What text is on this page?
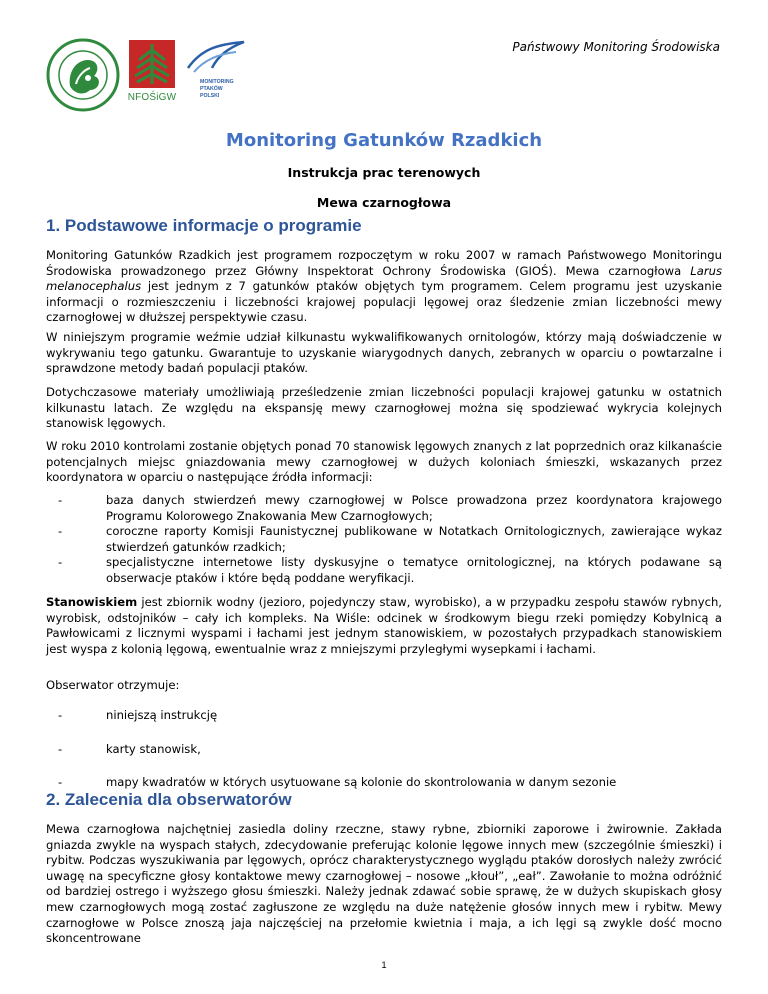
NFOŚiGW
MONITORING
PTAKÓW
POLSKI
Państwowy Monitoring Środowiska
Monitoring Gatunków Rzadkich
Instrukcja prac terenowych
Mewa czarnogłowa
1. Podstawowe informacje o programie

Monitoring Gatunków Rzadkich jest programem rozpoczętym w roku 2007 w ramach Państwowego Monitoringu Środowiska prowadzonego przez Główny Inspektorat Ochrony Środowiska (GIOŚ). Mewa czarnogłowa Larus melanocephalus jest jednym z 7 gatunków ptaków objętych tym programem. Celem programu jest uzyskanie informacji o rozmieszczeniu i liczebności krajowej populacji lęgowej oraz śledzenie zmian liczebności mewy czarnogłowej w dłuższej perspektywie czasu.

W niniejszym programie weźmie udział kilkunastu wykwalifikowanych ornitologów, którzy mają doświadczenie w wykrywaniu tego gatunku. Gwarantuje to uzyskanie wiarygodnych danych, zebranych w oparciu o powtarzalne i sprawdzone metody badań populacji ptaków.

Dotychczasowe materiały umożliwiają prześledzenie zmian liczebności populacji krajowej gatunku w ostatnich kilkunastu latach. Ze względu na ekspansję mewy czarnogłowej można się spodziewać wykrycia kolejnych stanowisk lęgowych.

W roku 2010 kontrolami zostanie objętych ponad 70 stanowisk lęgowych znanych z lat poprzednich oraz kilkanaście potencjalnych miejsc gniazdowania mewy czarnogłowej w dużych koloniach śmieszki, wskazanych przez koordynatora w oparciu o następujące źródła informacji:

-	baza danych stwierdzeń mewy czarnogłowej w Polsce prowadzona przez koordynatora krajowego Programu Kolorowego Znakowania Mew Czarnogłowych;
-	coroczne raporty Komisji Faunistycznej publikowane w Notatkach Ornitologicznych, zawierające wykaz stwierdzeń gatunków rzadkich;
-	specjalistyczne internetowe listy dyskusyjne o tematyce ornitologicznej, na których podawane są obserwacje ptaków i które będą poddane weryfikacji.

Stanowiskiem jest zbiornik wodny (jezioro, pojedynczy staw, wyrobisko), a w przypadku zespołu stawów rybnych, wyrobisk, odstojników – cały ich kompleks. Na Wiśle: odcinek w środkowym biegu rzeki pomiędzy Kobylnicą a Pawłowicami z licznymi wyspami i łachami jest jednym stanowiskiem, w pozostałych przypadkach stanowiskiem jest wyspa z kolonią lęgową, ewentualnie wraz z mniejszymi przyległymi wysepkami i łachami.

Obserwator otrzymuje:

-	niniejszą instrukcję
-	karty stanowisk,
-	mapy kwadratów w których usytuowane są kolonie do skontrolowania w danym sezonie
2. Zalecenia dla obserwatorów

Mewa czarnogłowa najchętniej zasiedla doliny rzeczne, stawy rybne, zbiorniki zaporowe i żwirownie. Zakłada gniazda zwykle na wyspach stałych, zdecydowanie preferując kolonie lęgowe innych mew (szczególnie śmieszki) i rybitw. Podczas wyszukiwania par lęgowych, oprócz charakterystycznego wyglądu ptaków dorosłych należy zwrócić uwagę na specyficzne głosy kontaktowe mewy czarnogłowej – nosowe „kłouł”, „eał”. Zawołanie to można odróżnić od bardziej ostrego i wyższego głosu śmieszki. Należy jednak zdawać sobie sprawę, że w dużych skupiskach głosy mew czarnogłowych mogą zostać zagłuszone ze względu na duże natężenie głosów innych mew i rybitw. Mewy czarnogłowe w Polsce znoszą jaja najczęściej na przełomie kwietnia i maja, a ich lęgi są zwykle dość mocno skoncentrowane

1
